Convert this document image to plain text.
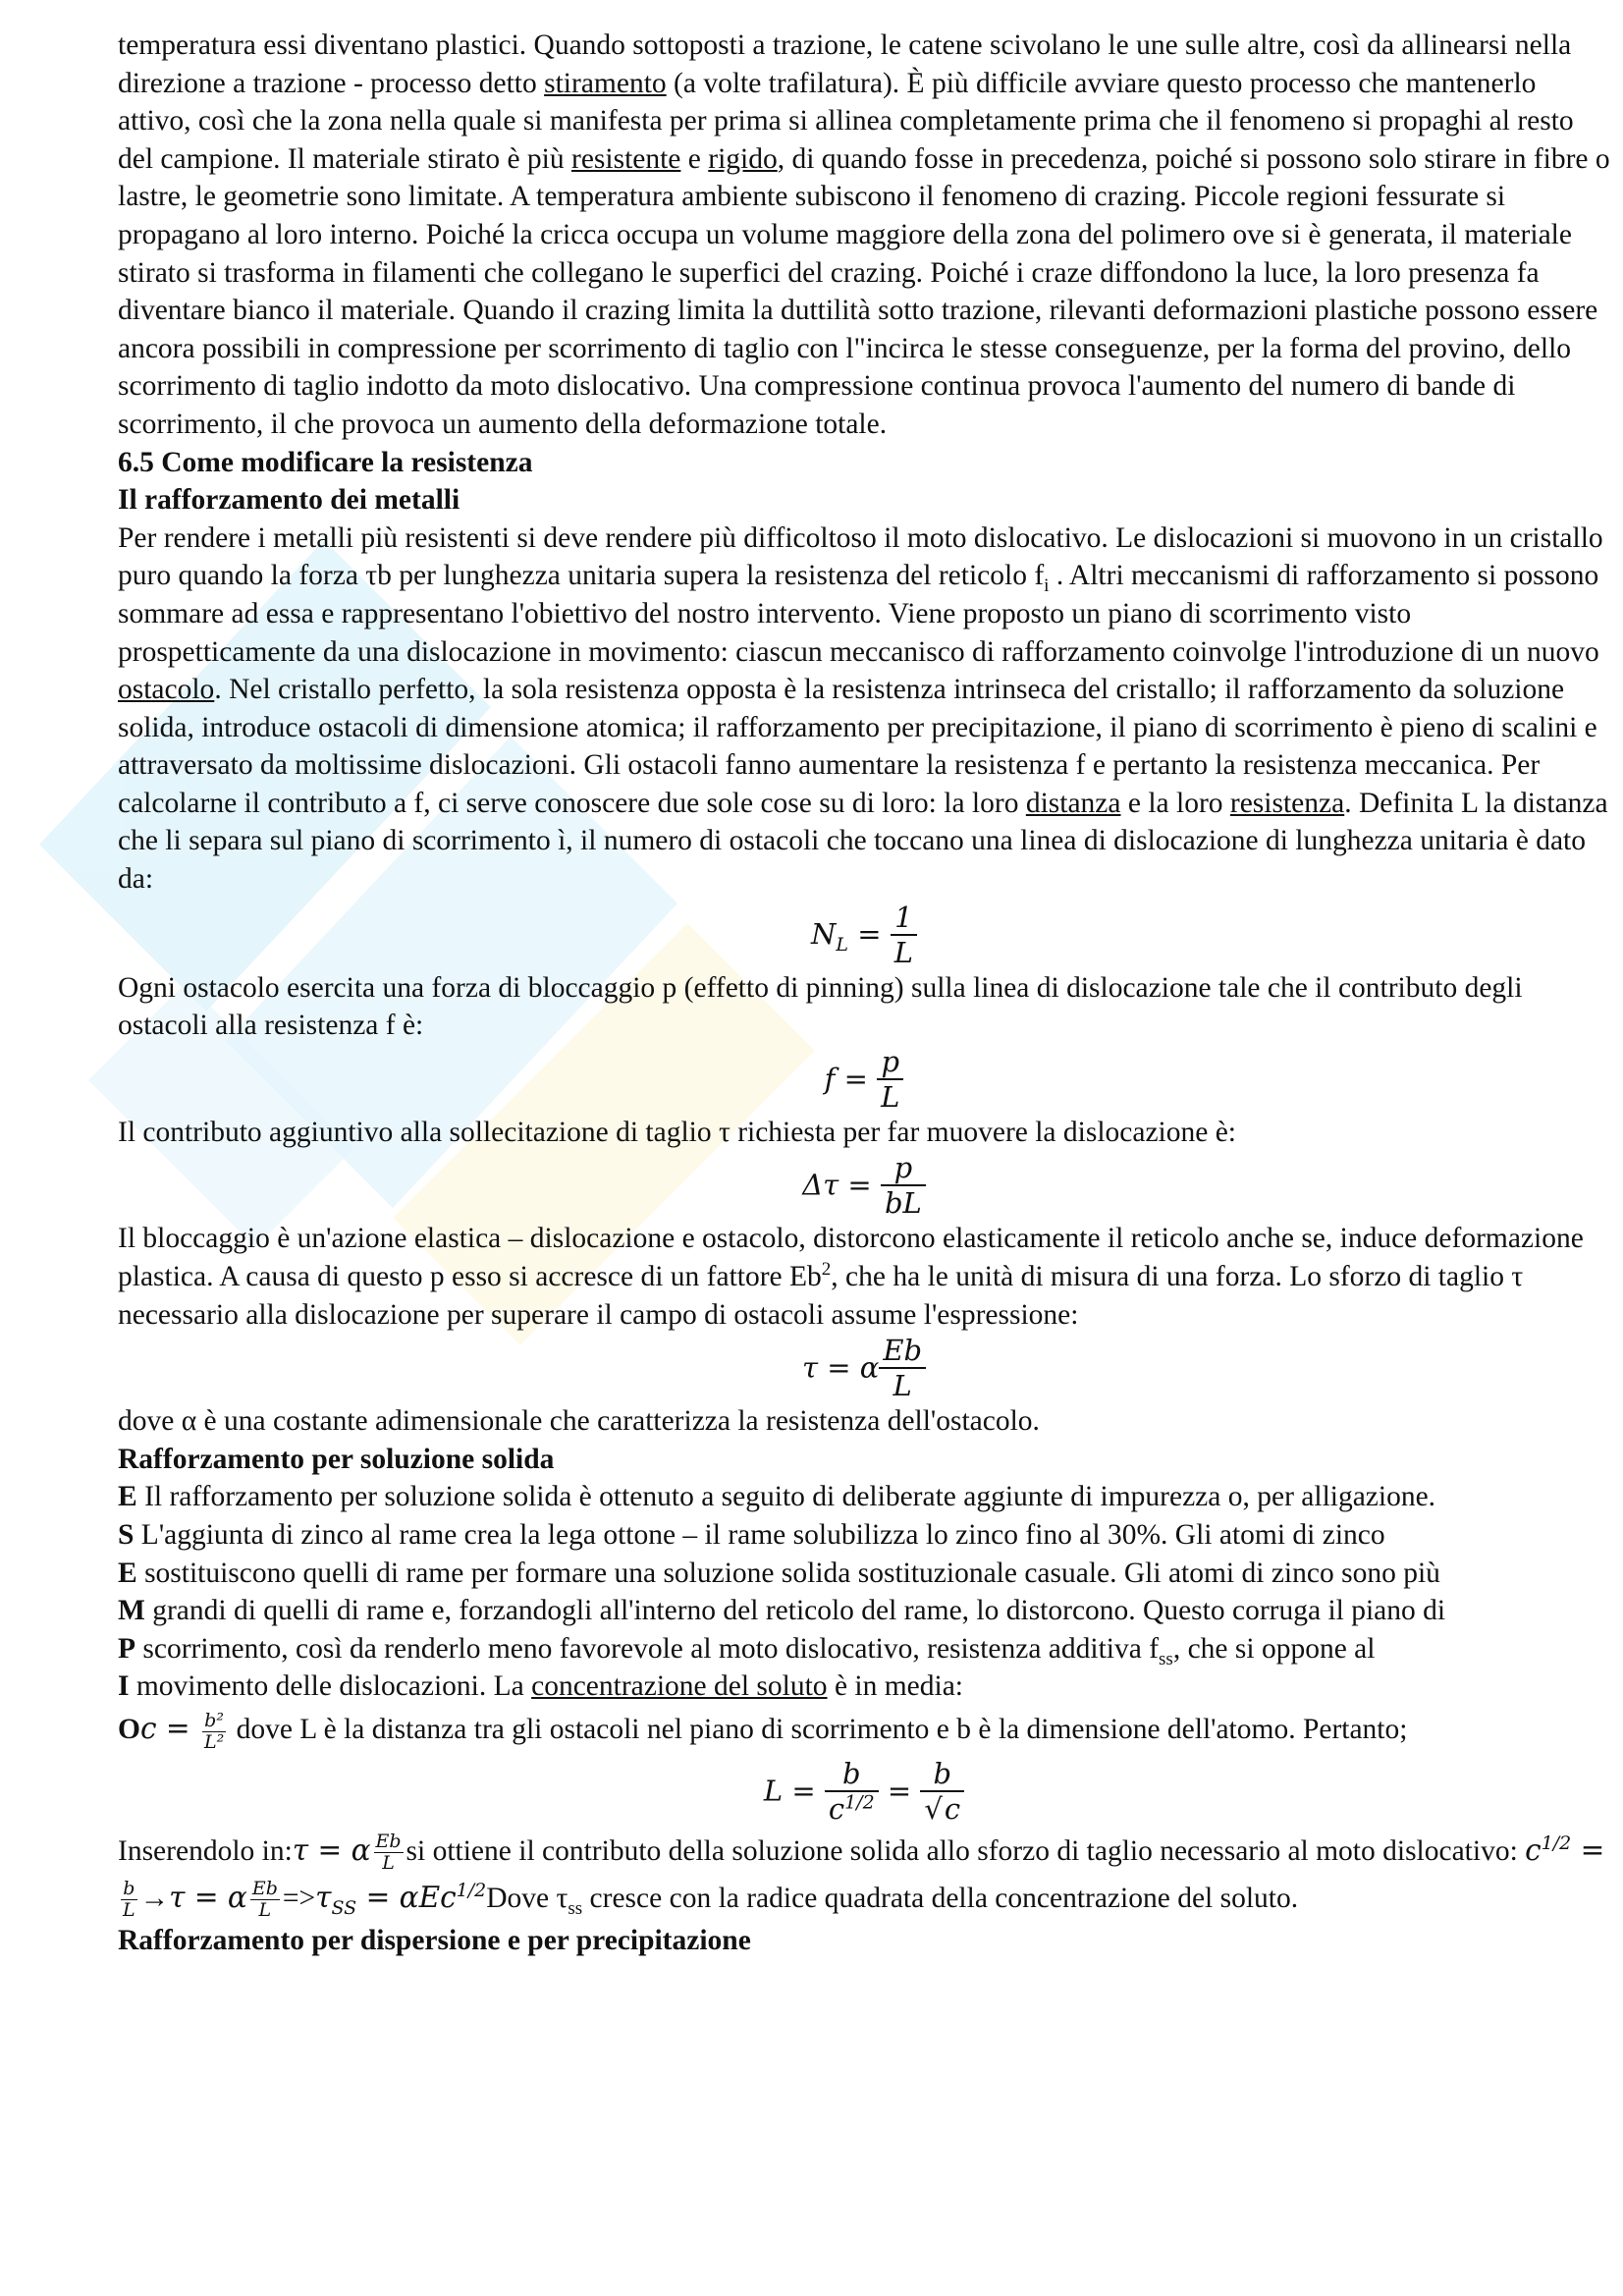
temperatura essi diventano plastici. Quando sottoposti a trazione, le catene scivolano le une sulle altre, così da allinearsi nella direzione a trazione - processo detto stiramento (a volte trafilatura). È più difficile avviare questo processo che mantenerlo attivo, così che la zona nella quale si manifesta per prima si allinea completamente prima che il fenomeno si propaghi al resto del campione. Il materiale stirato è più resistente e rigido, di quando fosse in precedenza, poiché si possono solo stirare in fibre o lastre, le geometrie sono limitate. A temperatura ambiente subiscono il fenomeno di crazing. Piccole regioni fessurate si propagano al loro interno. Poiché la cricca occupa un volume maggiore della zona del polimero ove si è generata, il materiale stirato si trasforma in filamenti che collegano le superfici del crazing. Poiché i craze diffondono la luce, la loro presenza fa diventare bianco il materiale. Quando il crazing limita la duttilità sotto trazione, rilevanti deformazioni plastiche possono essere ancora possibili in compressione per scorrimento di taglio con l"incirca le stesse conseguenze, per la forma del provino, dello scorrimento di taglio indotto da moto dislocativo. Una compressione continua provoca l'aumento del numero di bande di scorrimento, il che provoca un aumento della deformazione totale.

6.5 Come modificare la resistenza

Il rafforzamento dei metalli

Per rendere i metalli più resistenti si deve rendere più difficoltoso il moto dislocativo. Le dislocazioni si muovono in un cristallo puro quando la forza τb per lunghezza unitaria supera la resistenza del reticolo $f_i$ . Altri meccanismi di rafforzamento si possono sommare ad essa e rappresentano l'obiettivo del nostro intervento. Viene proposto un piano di scorrimento visto prospetticamente da una dislocazione in movimento: ciascun meccanisco di rafforzamento coinvolge l'introduzione di un nuovo ostacolo. Nel cristallo perfetto, la sola resistenza opposta è la resistenza intrinseca del cristallo; il rafforzamento da soluzione solida, introduce ostacoli di dimensione atomica; il rafforzamento per precipitazione, il piano di scorrimento è pieno di scalini e attraversato da moltissime dislocazioni. Gli ostacoli fanno aumentare la resistenza f e pertanto la resistenza meccanica. Per calcolarne il contributo a f, ci serve conoscere due sole cose su di loro: la loro distanza e la loro resistenza. Definita L la distanza che li separa sul piano di scorrimento ì, il numero di ostacoli che toccano una linea di dislocazione di lunghezza unitaria è dato da:

$N_L = \frac{1}{L}$

Ogni ostacolo esercita una forza di bloccaggio p (effetto di pinning) sulla linea di dislocazione tale che il contributo degli ostacoli alla resistenza f è:

$f = \frac{p}{L}$

Il contributo aggiuntivo alla sollecitazione di taglio τ richiesta per far muovere la dislocazione è:

$\Delta\tau = \frac{p}{bL}$

Il bloccaggio è un'azione elastica – dislocazione e ostacolo, distorcono elasticamente il reticolo anche se, induce deformazione plastica. A causa di questo p esso si accresce di un fattore Eb$^2$, che ha le unità di misura di una forza. Lo sforzo di taglio τ necessario alla dislocazione per superare il campo di ostacoli assume l'espressione:

τ = α $\frac{Eb}{L}$

dove α è una costante adimensionale che caratterizza la resistenza dell'ostacolo.

Rafforzamento per soluzione solida

E Il rafforzamento per soluzione solida è ottenuto a seguito di deliberate aggiunte di impurezza o, per alligazione.

S L'aggiunta di zinco al rame crea la lega ottone – il rame solubilizza lo zinco fino al 30%. Gli atomi di zinco

E sostituiscono quelli di rame per formare una soluzione solida sostituzionale casuale. Gli atomi di zinco sono più

M grandi di quelli di rame e, forzandogli all'interno del reticolo del rame, lo distorcono. Questo corruga il piano di

P scorrimento, così da renderlo meno favorevole al moto dislocativo, resistenza additiva $f_{ss}$, che si oppone al

I movimento delle dislocazioni. La concentrazione del soluto è in media:

$Oc = \frac{\text{b²}}{\text{L²}}$ dove L è la distanza tra gli ostacoli nel piano di scorrimento e b è la dimensione dell'atomo. Pertanto;

$L = \frac{b}{c^{1/2}} = \frac{b}{√c}$

Inserendolo in:τ = α $\frac{Eb}{L}$ si ottiene il contributo della soluzione solida allo sforzo di taglio necessario al moto dislocativo: $c^{1/2}$ =
$\frac{b}{L} \to\tau = \alpha \frac{Eb}{L} =>\tau_{SS}$ = αEc$^{1/2}$Dove $\tau_{ss}$ cresce con la radice quadrata della concentrazione del soluto.

Rafforzamento per dispersione e per precipitazione
